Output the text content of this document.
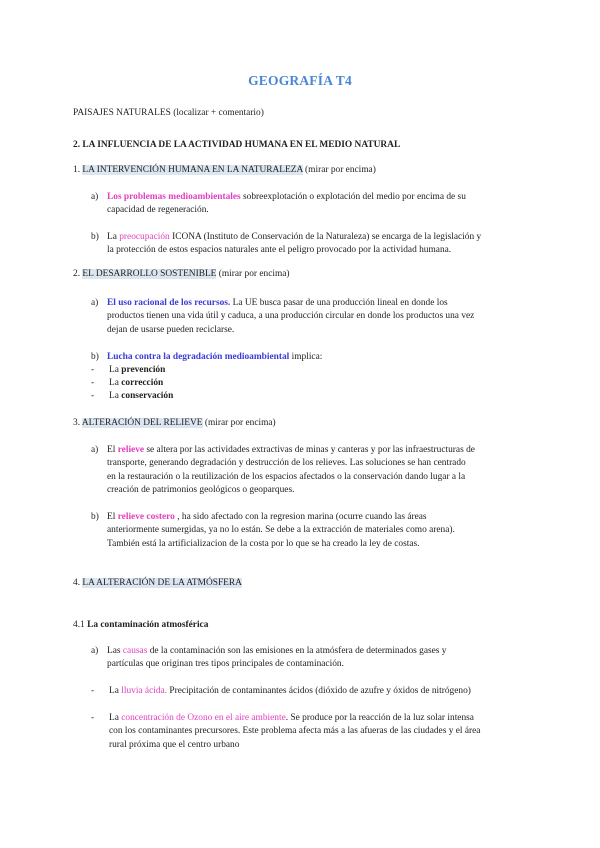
GEOGRAFÍA T4
PAISAJES NATURALES (localizar + comentario)
2. LA INFLUENCIA DE LA ACTIVIDAD HUMANA EN EL MEDIO NATURAL
1. LA INTERVENCIÓN HUMANA EN LA NATURALEZA (mirar por encima)
a) Los problemas medioambientales sobreexplotación o explotación del medio por encima de su
capacidad de regeneración.
b) La preocupación ICONA (Instituto de Conservación de la Naturaleza) se encarga de la legislación y
la protección de estos espacios naturales ante el peligro provocado por la actividad humana.
2. EL DESARROLLO SOSTENIBLE (mirar por encima)
a) El uso racional de los recursos. La UE busca pasar de una producción lineal en donde los
productos tienen una vida útil y caduca, a una producción circular en donde los productos una vez
dejan de usarse pueden reciclarse.
b) Lucha contra la degradación medioambiental implica:
- La prevención
- La corrección
- La conservación
3. ALTERACIÓN DEL RELIEVE (mirar por encima)
a) El relieve se altera por las actividades extractivas de minas y canteras y por las infraestructuras de
transporte, generando degradación y destrucción de los relieves. Las soluciones se han centrado
en la restauración o la reutilización de los espacios afectados o la conservación dando lugar a la
creación de patrimonios geológicos o geoparques.
b) El relieve costero , ha sido afectado con la regresion marina (ocurre cuando las áreas
anteriormente sumergidas, ya no lo están. Se debe a la extracción de materiales como arena).
También está la artificializacion de la costa por lo que se ha creado la ley de costas.
4. LA ALTERACIÓN DE LA ATMÓSFERA
4.1 La contaminación atmosférica
a) Las causas de la contaminación son las emisiones en la atmósfera de determinados gases y
partículas que originan tres tipos principales de contaminación.
- La lluvia ácida. Precipitación de contaminantes ácidos (dióxido de azufre y óxidos de nitrógeno)
- La concentración de Ozono en el aire ambiente. Se produce por la reacción de la luz solar intensa
con los contaminantes precursores. Este problema afecta más a las afueras de las ciudades y el área
rural próxima que el centro urbano
